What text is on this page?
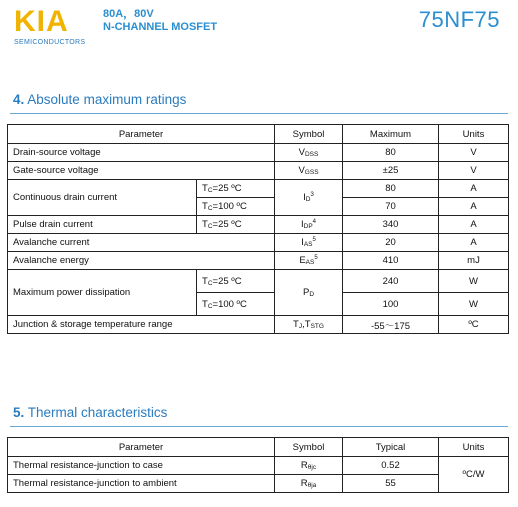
KIA
SEMICONDUCTORS
80A，80V
N-CHANNEL MOSFET	75NF75
4. Absolute maximum ratings
Parameter		Symbol	Maximum	Units
Drain-source voltage		VDSS	80	V
Gate-source voltage		VGSS	±25	V
Continuous drain current	TC=25 ºC	$ID^3$	80	A
	TC=100 ºC		70	A
Pulse drain current	TC=25 ºC	IDP$^4$	340	A
Avalanche current		IAS$^5$	20	A
Avalanche energy		EAS$^5$	410	mJ
Maximum power dissipation	TC=25 ºC	PD	240	W
	TC=100 ºC		100	W
Junction & storage temperature range		TJ,TSTG	-55～175	ºC
5. Thermal characteristics
Parameter	Symbol	Typical	Units
Thermal resistance-junction to case	Rθjc	0.52	ºC/W
Thermal resistance-junction to ambient	Rθja	55	
